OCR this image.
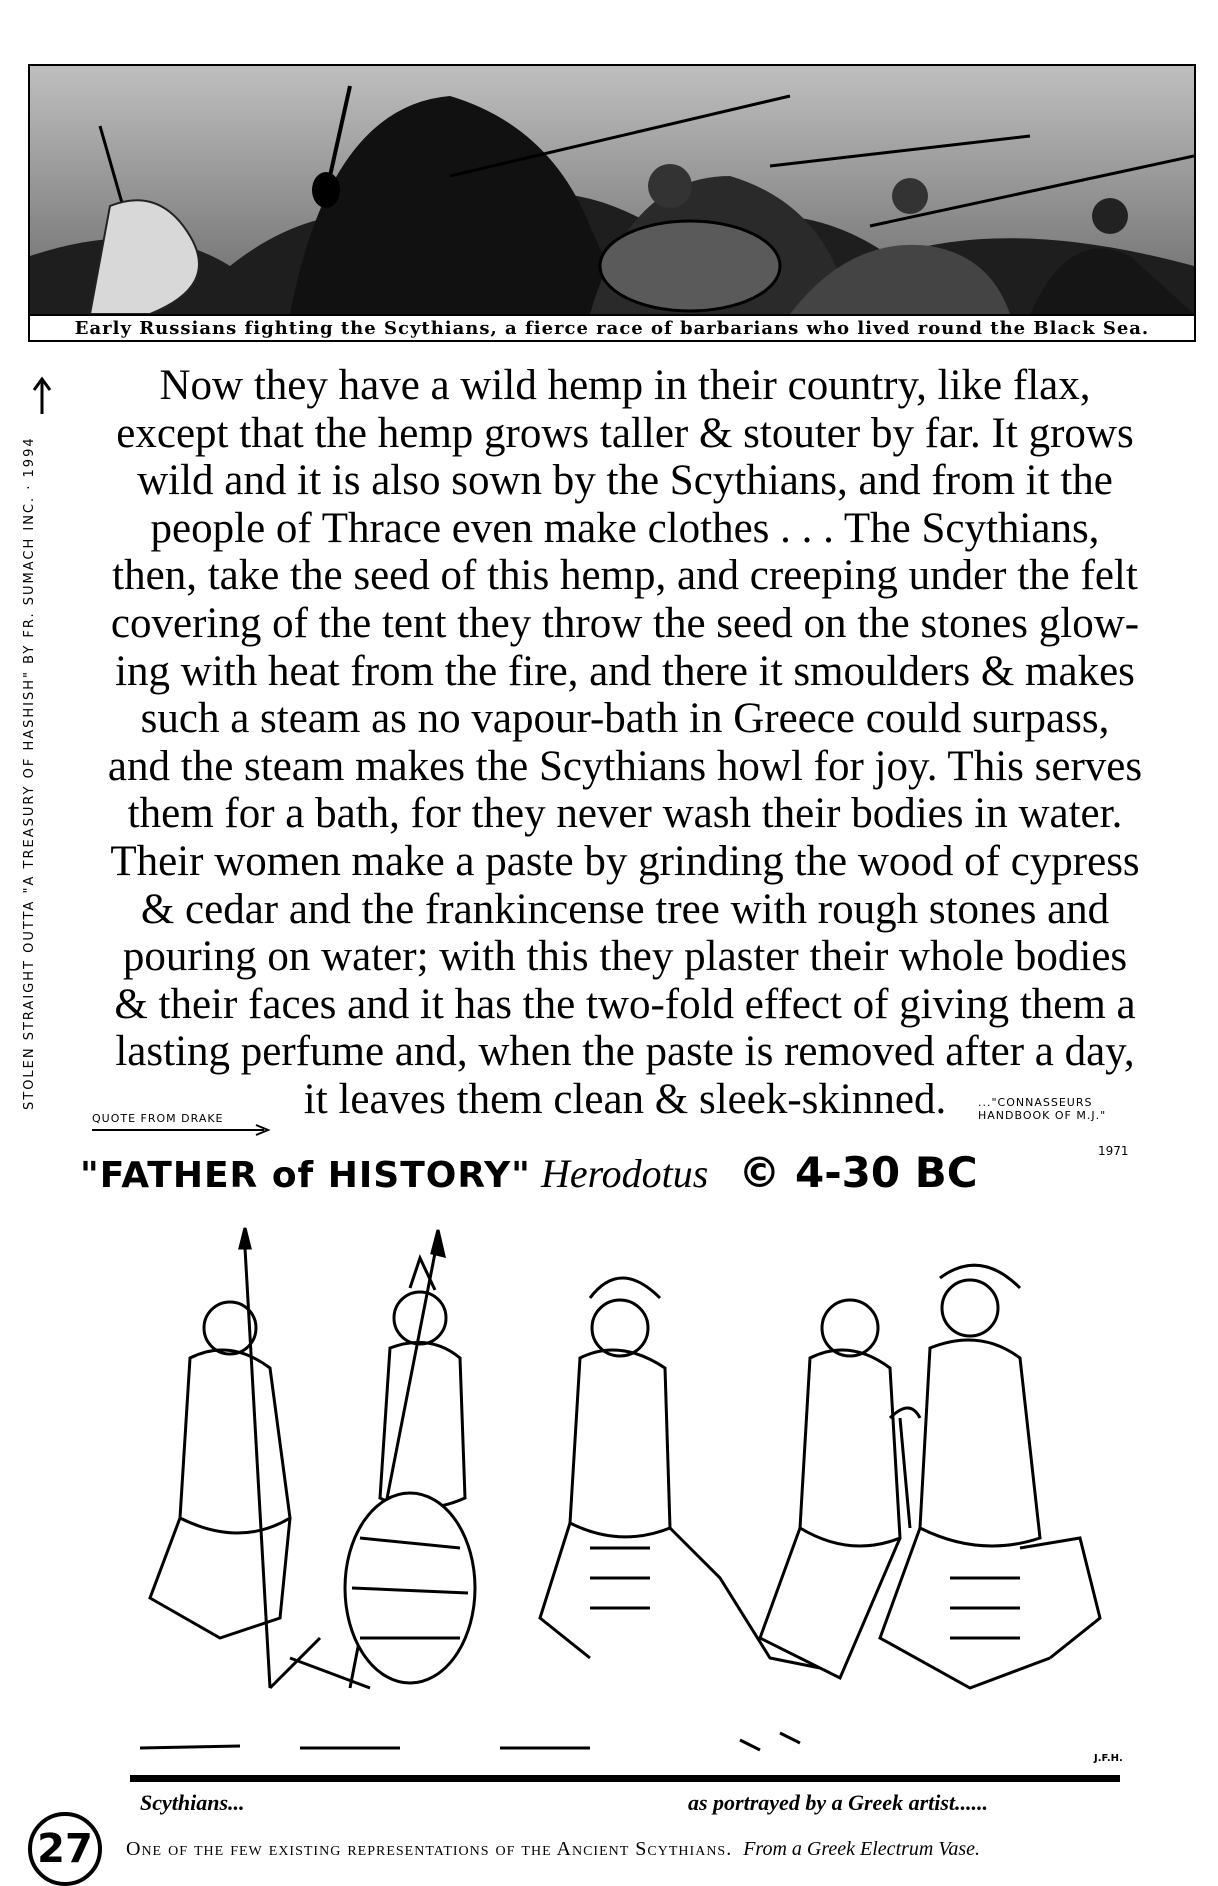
Early Russians fighting the Scythians, a fierce race of barbarians who lived round the Black Sea.
STOLEN STRAIGHT OUTTA "A TREASURY OF HASHISH" BY FR. SUMACH INC. · 1994
Now they have a wild hemp in their country, like flax,
except that the hemp grows taller & stouter by far. It grows
wild and it is also sown by the Scythians, and from it the
people of Thrace even make clothes . . . The Scythians,
then, take the seed of this hemp, and creeping under the felt
covering of the tent they throw the seed on the stones glow-
ing with heat from the fire, and there it smoulders & makes
such a steam as no vapour-bath in Greece could surpass,
and the steam makes the Scythians howl for joy. This serves
them for a bath, for they never wash their bodies in water.
Their women make a paste by grinding the wood of cypress
& cedar and the frankincense tree with rough stones and
pouring on water; with this they plaster their whole bodies
& their faces and it has the two-fold effect of giving them a
lasting perfume and, when the paste is removed after a day,
it leaves them clean & sleek-skinned.
QUOTE FROM DRAKE
..."CONNASSEURS
HANDBOOK OF M.J."
1971
"FATHER of HISTORY" Herodotus © 4-30 BC
J.F.H.
Scythians...	as portrayed by a Greek artist......
27	One of the few existing representations of the Ancient Scythians. From a Greek Electrum Vase.
